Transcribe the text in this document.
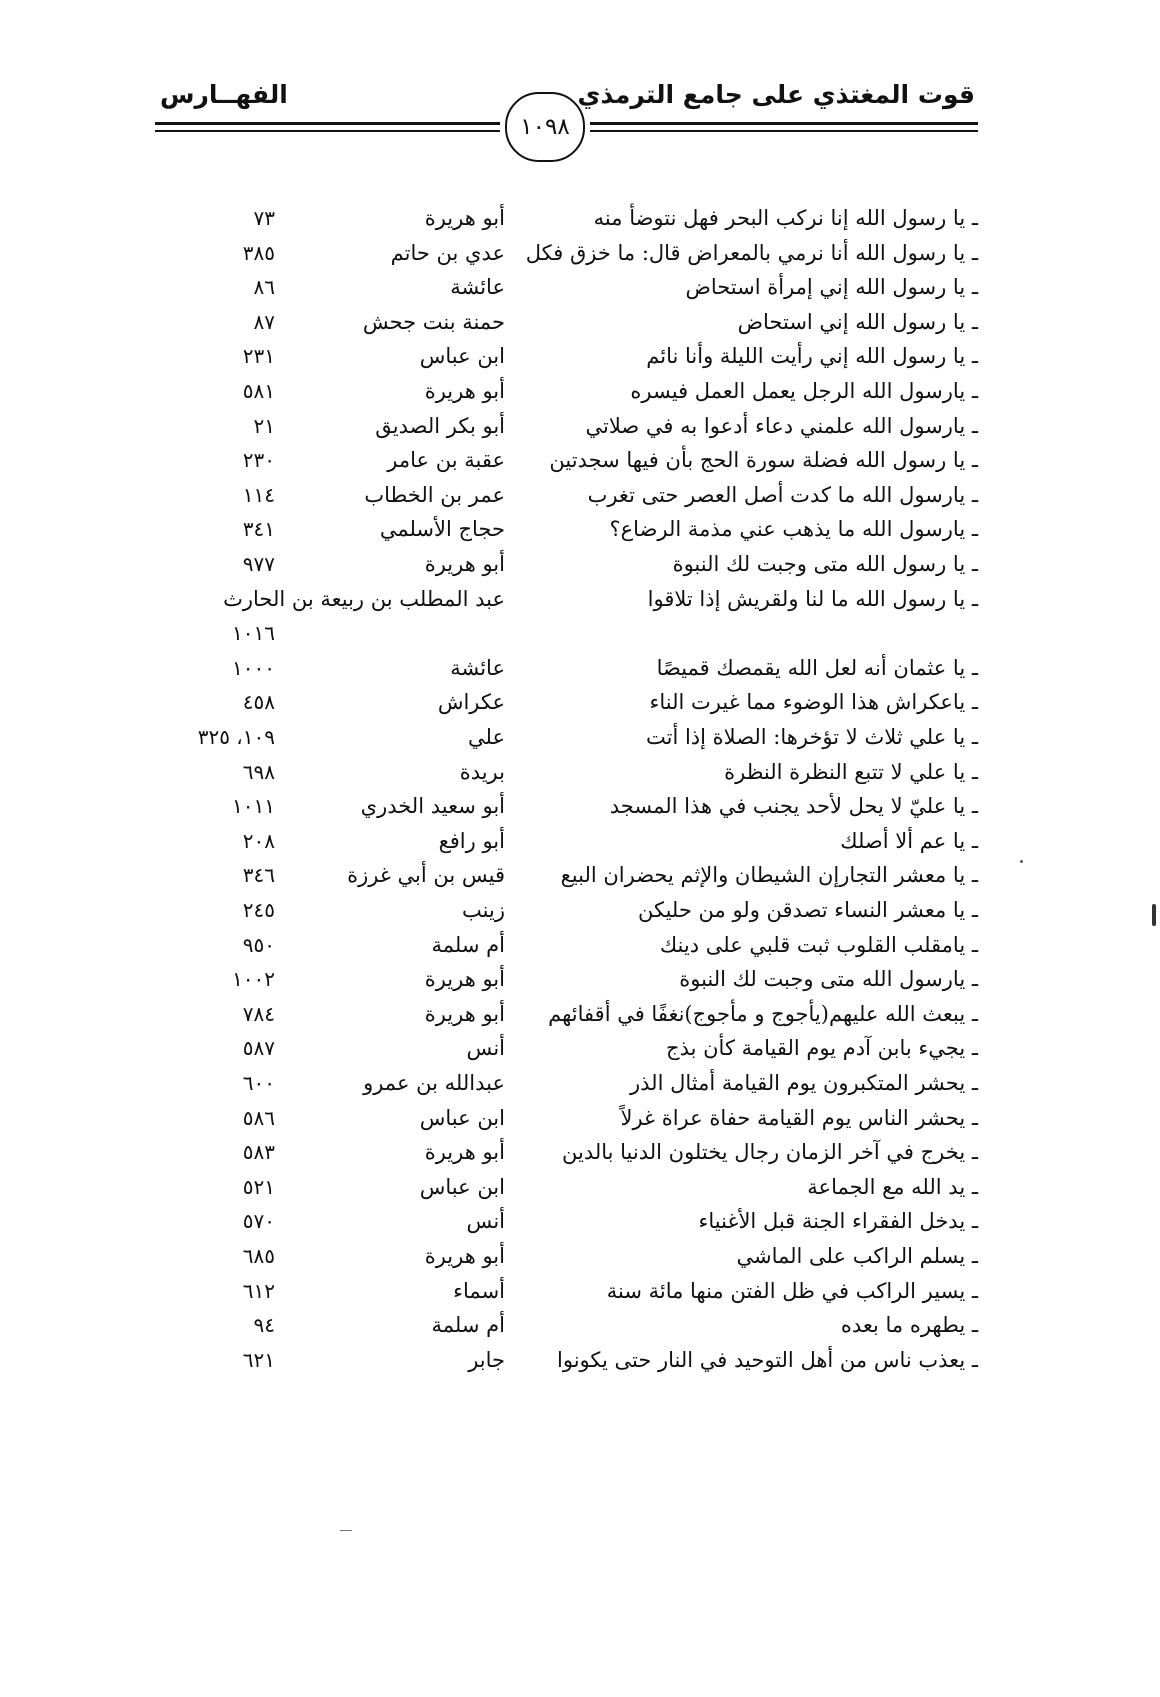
قوت المغتذي على جامع الترمذي
الفهــارس
١٠٩٨
ـ يا رسول الله إنا نركب البحر فهل نتوضأ منه
أبو هريرة
٧٣
ـ يا رسول الله أنا نرمي بالمعراض قال: ما خزق فكل
عدي بن حاتم
٣٨٥
ـ يا رسول الله إني إمرأة استحاض
عائشة
٨٦
ـ يا رسول الله إني استحاض
حمنة بنت جحش
٨٧
ـ يا رسول الله إني رأيت الليلة وأنا نائم
ابن عباس
٢٣١
ـ يارسول الله الرجل يعمل العمل فيسره
أبو هريرة
٥٨١
ـ يارسول الله علمني دعاء أدعوا به في صلاتي
أبو بكر الصديق
٢١
ـ يا رسول الله فضلة سورة الحج بأن فيها سجدتين
عقبة بن عامر
٢٣٠
ـ يارسول الله ما كدت أصل العصر حتى تغرب
عمر بن الخطاب
١١٤
ـ يارسول الله ما يذهب عني مذمة الرضاع؟
حجاج الأسلمي
٣٤١
ـ يا رسول الله متى وجبت لك النبوة
أبو هريرة
٩٧٧
ـ يا رسول الله ما لنا ولقريش إذا تلاقوا
عبد المطلب بن ربيعة بن الحارث
١٠١٦
ـ يا عثمان أنه لعل الله يقمصك قميصًا
عائشة
١٠٠٠
ـ ياعكراش هذا الوضوء مما غيرت الناء
عكراش
٤٥٨
ـ يا علي ثلاث لا تؤخرها: الصلاة إذا أتت
علي
١٠٩، ٣٢٥
ـ يا علي لا تتبع النظرة النظرة
بريدة
٦٩٨
ـ يا عليّ لا يحل لأحد يجنب في هذا المسجد
أبو سعيد الخدري
١٠١١
ـ يا عم ألا أصلك
أبو رافع
٢٠٨
ـ يا معشر التجارإن الشيطان والإثم يحضران البيع
قيس بن أبي غرزة
٣٤٦
ـ يا معشر النساء تصدقن ولو من حليكن
زينب
٢٤٥
ـ يامقلب القلوب ثبت قلبي على دينك
أم سلمة
٩٥٠
ـ يارسول الله متى وجبت لك النبوة
أبو هريرة
١٠٠٢
ـ يبعث الله عليهم(يأجوج و مأجوج)نغفًا في أقفائهم
أبو هريرة
٧٨٤
ـ يجيء بابن آدم يوم القيامة كأن بذج
أنس
٥٨٧
ـ يحشر المتكبرون يوم القيامة أمثال الذر
عبدالله بن عمرو
٦٠٠
ـ يحشر الناس يوم القيامة حفاة عراة غرلاً
ابن عباس
٥٨٦
ـ يخرج في آخر الزمان رجال يختلون الدنيا بالدين
أبو هريرة
٥٨٣
ـ يد الله مع الجماعة
ابن عباس
٥٢١
ـ يدخل الفقراء الجنة قبل الأغنياء
أنس
٥٧٠
ـ يسلم الراكب على الماشي
أبو هريرة
٦٨٥
ـ يسير الراكب في ظل الفتن منها مائة سنة
أسماء
٦١٢
ـ يطهره ما بعده
أم سلمة
٩٤
ـ يعذب ناس من أهل التوحيد في النار حتى يكونوا
جابر
٦٢١
